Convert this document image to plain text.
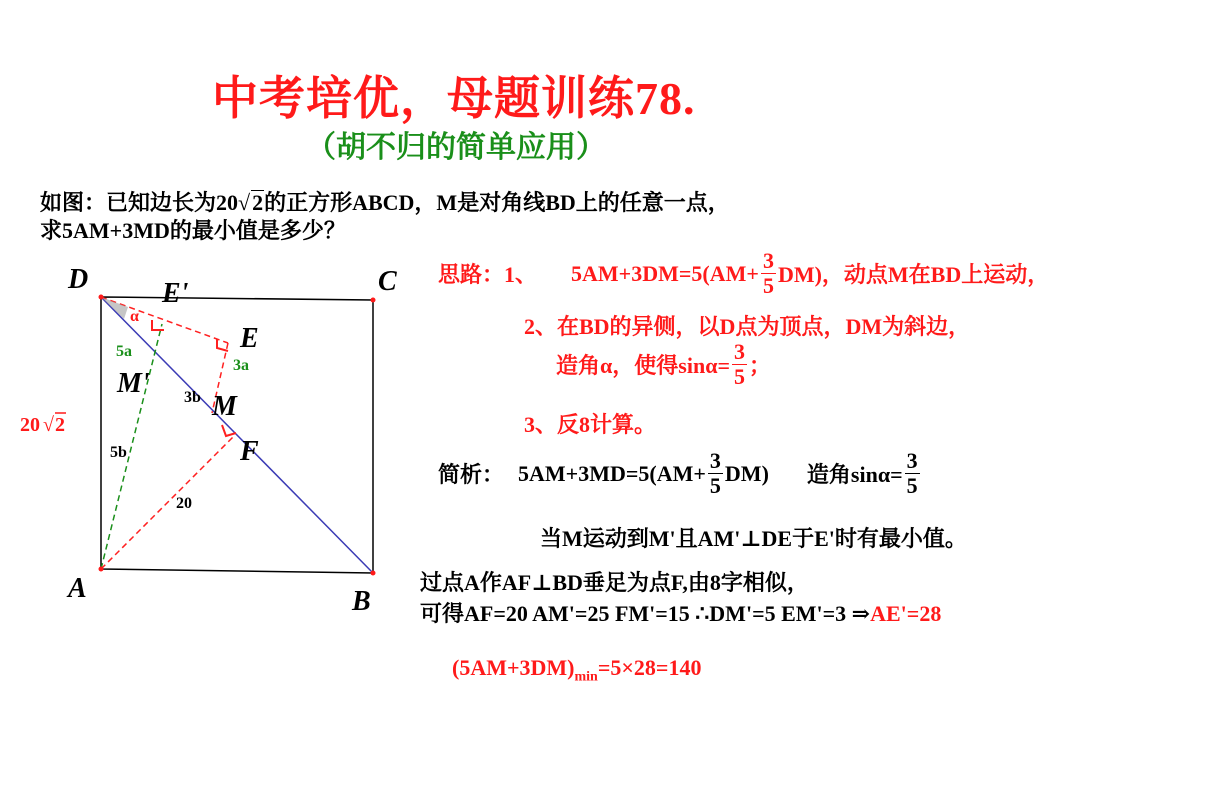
中考培优，母题训练78.
（胡不归的简单应用）
如图：已知边长为20√2的正方形ABCD，M是对角线BD上的任意一点，
求5AM+3MD的最小值是多少？
D	C
A	B
E'
E
M'
M
F
α
5a
3a
3b
5b
20
20 √ 2
思路： 1、 $5AM+3DM=5(AM+ \frac{3}{5} DM)$，动点M在BD上运动，
2、在BD的异侧，以D点为顶点，DM为斜边，
造角α，使得$\sin\alpha= \frac{3}{5}$ ；
3、反8计算。
简析： $5AM+3MD=5(AM+ \frac{3}{5} DM)$ 造角$\sin\alpha= \frac{3}{5}$
当M运动到M'且AM'⊥DE于E'时有最小值。
过点A作AF⊥BD垂足为点F,由8字相似，
可得AF=20 AM'=25 FM'=15 ∴DM'=5 EM'=3 ⇒AE'=28
$(5AM+3DM)_{min}=5\times 28=140$
